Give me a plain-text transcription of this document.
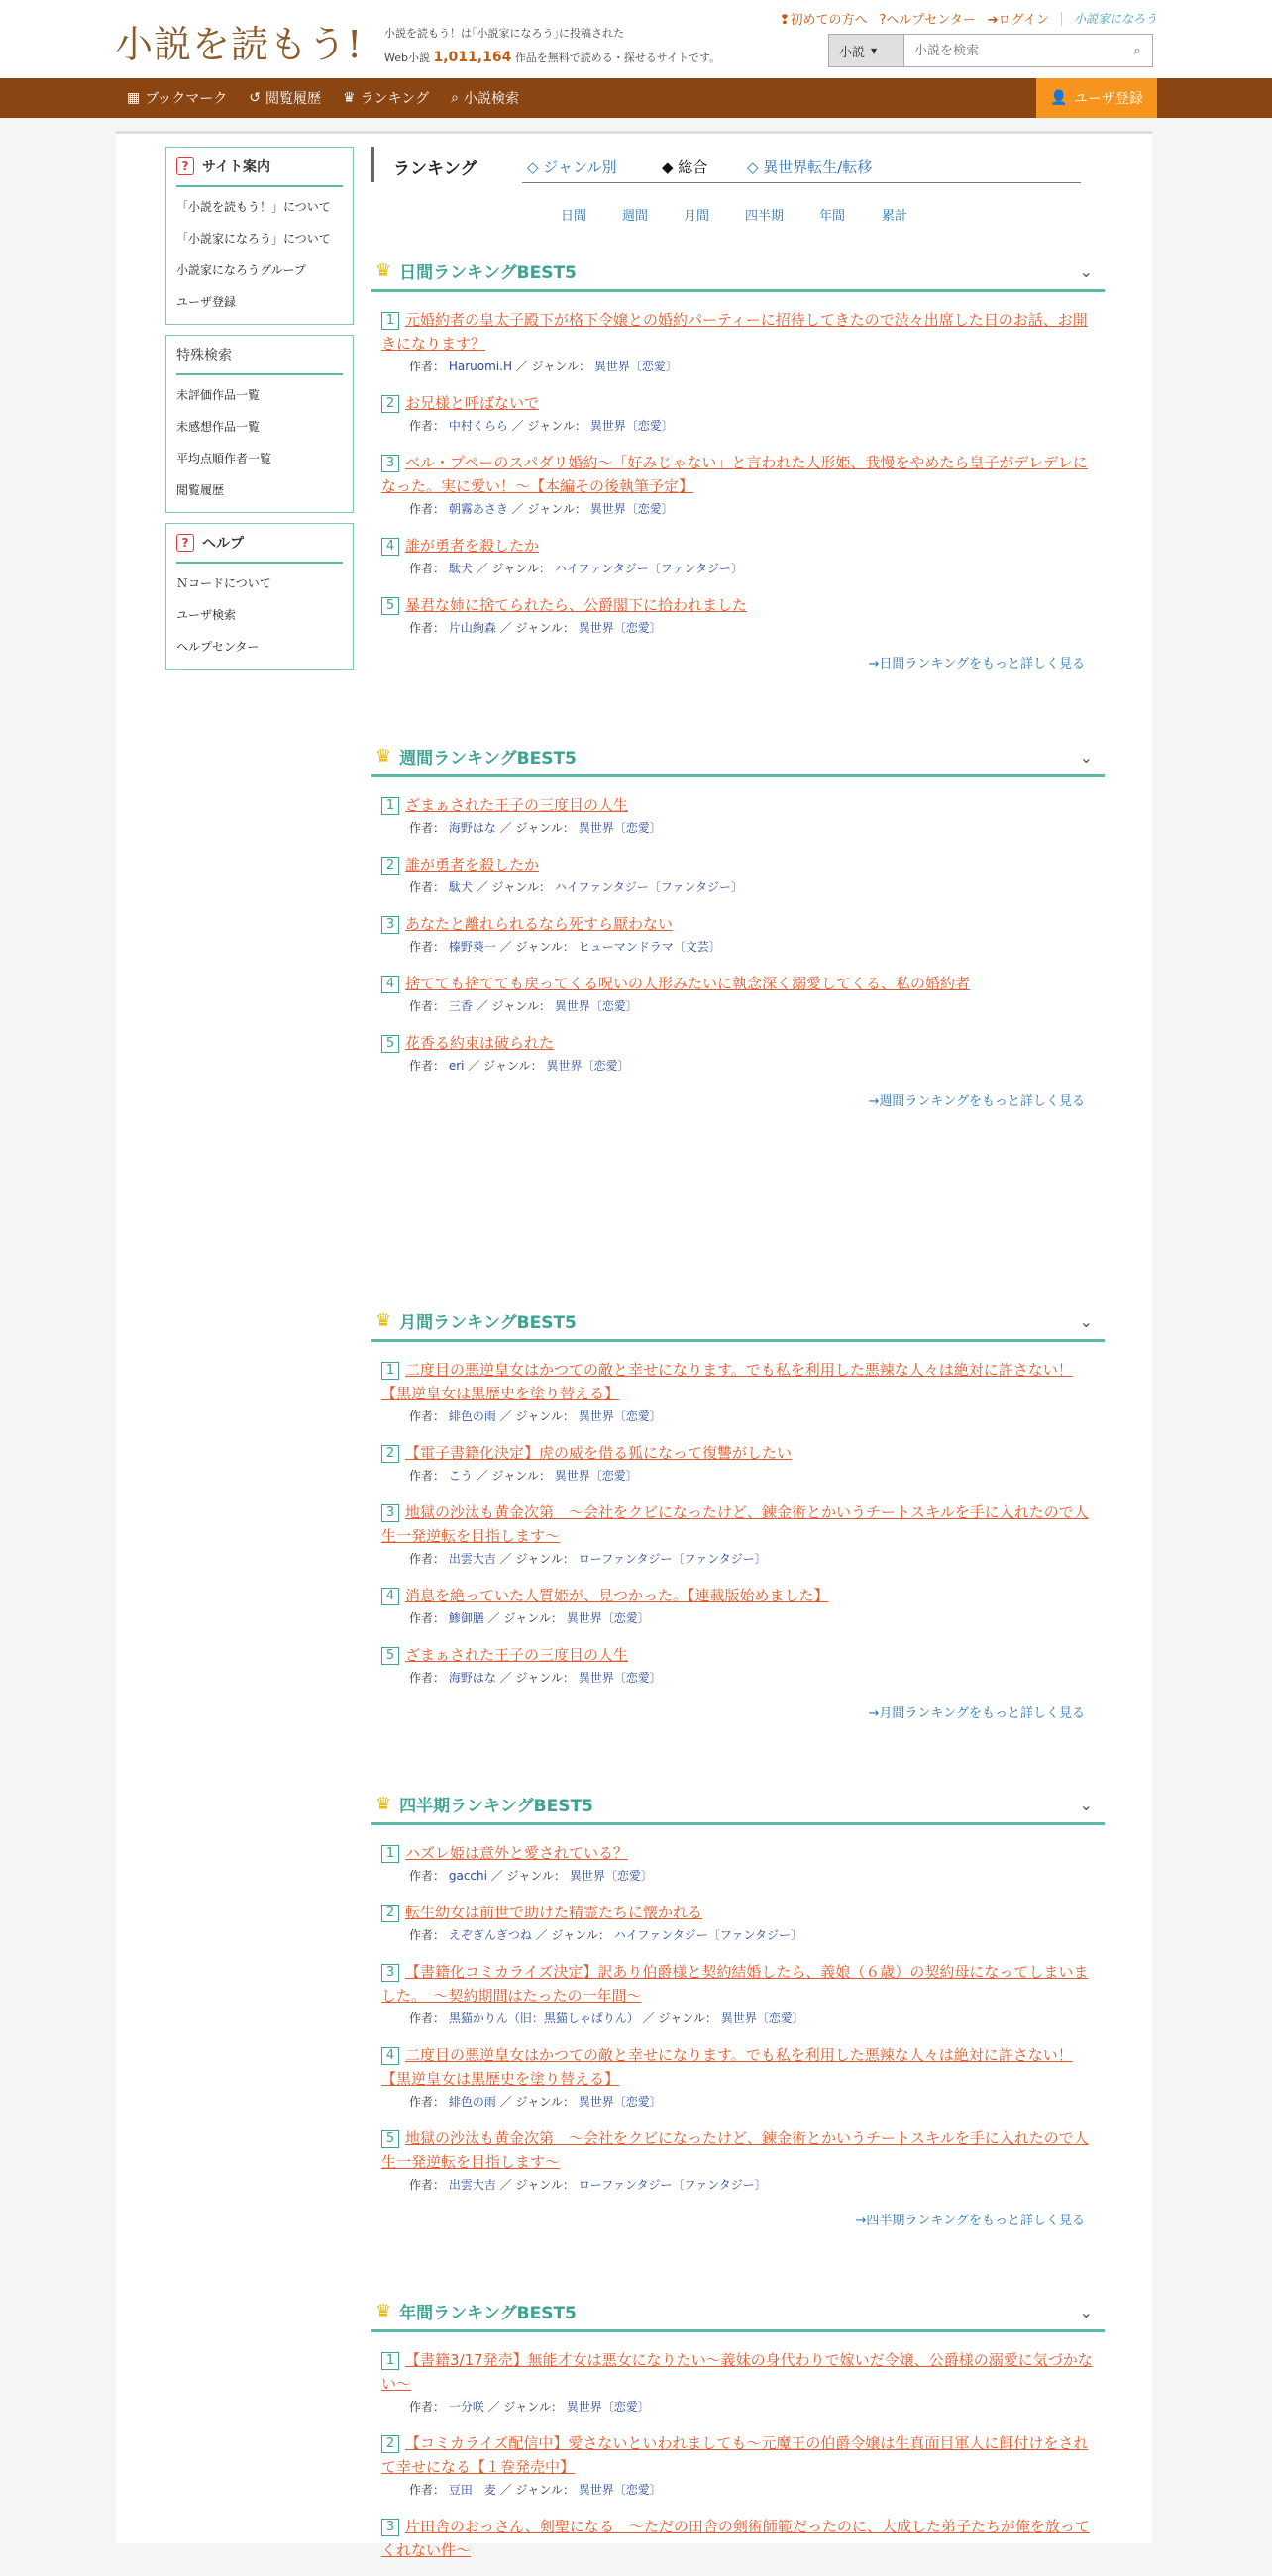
小説を読もう! 小説を読もう！は｢小説家になろう｣に投稿された
Web小説 1,011,164 作品を無料で読める・探せるサイトです。
❢初めての方へ ?ヘルプセンター ➔ログイン 小説家になろう
小説 ▼
小説を検索	⌕
▦ ブックマーク ↺ 閲覧履歴 ♛ ランキング ⌕ 小説検索	👤 ユーザ登録
? サイト案内
「小説を読もう！」について
「小説家になろう」について
小説家になろうグループ
ユーザ登録
特殊検索
未評価作品一覧
未感想作品一覧
平均点順作者一覧
閲覧履歴
? ヘルプ
Ｎコードについて
ユーザ検索
ヘルプセンター
ランキング	◇ ジャンル別	◆ 総合	◇ 異世界転生/転移
日間	週間	月間	四半期	年間	累計
♛ 日間ランキングBEST5	⌄
1 元婚約者の皇太子殿下が格下令嬢との婚約パーティーに招待してきたので渋々出席した日のお話、お開きになります？
作者： Haruomi.H ／ ジャンル： 異世界〔恋愛〕
2 お兄様と呼ばないで
作者： 中村くらら ／ ジャンル： 異世界〔恋愛〕
3 ベル・プペーのスパダリ婚約～「好みじゃない」と言われた人形姫、我慢をやめたら皇子がデレデレになった。実に愛い！～【本編その後執筆予定】
作者： 朝霧あさき ／ ジャンル： 異世界〔恋愛〕
4 誰が勇者を殺したか
作者： 駄犬 ／ ジャンル： ハイファンタジー〔ファンタジー〕
5 暴君な姉に捨てられたら、公爵閣下に拾われました
作者： 片山絢森 ／ ジャンル： 異世界〔恋愛〕
→日間ランキングをもっと詳しく見る
♛ 週間ランキングBEST5	⌄
1 ざまぁされた王子の三度目の人生
作者： 海野はな ／ ジャンル： 異世界〔恋愛〕
2 誰が勇者を殺したか
作者： 駄犬 ／ ジャンル： ハイファンタジー〔ファンタジー〕
3 あなたと離れられるなら死すら厭わない
作者： 榛野葵一 ／ ジャンル： ヒューマンドラマ〔文芸〕
4 捨てても捨てても戻ってくる呪いの人形みたいに執念深く溺愛してくる、私の婚約者
作者： 三香 ／ ジャンル： 異世界〔恋愛〕
5 花香る約束は破られた
作者： eri ／ ジャンル： 異世界〔恋愛〕
→週間ランキングをもっと詳しく見る
♛ 月間ランキングBEST5	⌄
1 二度目の悪逆皇女はかつての敵と幸せになります。でも私を利用した悪辣な人々は絶対に許さない！【黒逆皇女は黒歴史を塗り替える】
作者： 緋色の雨 ／ ジャンル： 異世界〔恋愛〕
2 【電子書籍化決定】虎の威を借る狐になって復讐がしたい
作者： こう ／ ジャンル： 異世界〔恋愛〕
3 地獄の沙汰も黄金次第　～会社をクビになったけど、錬金術とかいうチートスキルを手に入れたので人生一発逆転を目指します～
作者： 出雲大吉 ／ ジャンル： ローファンタジー〔ファンタジー〕
4 消息を絶っていた人質姫が、見つかった。【連載版始めました】
作者： 鯵御膳 ／ ジャンル： 異世界〔恋愛〕
5 ざまぁされた王子の三度目の人生
作者： 海野はな ／ ジャンル： 異世界〔恋愛〕
→月間ランキングをもっと詳しく見る
♛ 四半期ランキングBEST5	⌄
1 ハズレ姫は意外と愛されている？
作者： gacchi ／ ジャンル： 異世界〔恋愛〕
2 転生幼女は前世で助けた精霊たちに懐かれる
作者： えぞぎんぎつね ／ ジャンル： ハイファンタジー〔ファンタジー〕
3 【書籍化コミカライズ決定】訳あり伯爵様と契約結婚したら、義娘（６歳）の契約母になってしまいました。　～契約期間はたったの一年間～
作者： 黒猫かりん（旧：黒猫しゃぱりん） ／ ジャンル： 異世界〔恋愛〕
4 二度目の悪逆皇女はかつての敵と幸せになります。でも私を利用した悪辣な人々は絶対に許さない！【黒逆皇女は黒歴史を塗り替える】
作者： 緋色の雨 ／ ジャンル： 異世界〔恋愛〕
5 地獄の沙汰も黄金次第　～会社をクビになったけど、錬金術とかいうチートスキルを手に入れたので人生一発逆転を目指します～
作者： 出雲大吉 ／ ジャンル： ローファンタジー〔ファンタジー〕
→四半期ランキングをもっと詳しく見る
♛ 年間ランキングBEST5	⌄
1 【書籍3/17発売】無能才女は悪女になりたい～義妹の身代わりで嫁いだ令嬢、公爵様の溺愛に気づかない～
作者： 一分咲 ／ ジャンル： 異世界〔恋愛〕
2 【コミカライズ配信中】愛さないといわれましても～元魔王の伯爵令嬢は生真面目軍人に餌付けをされて幸せになる【１巻発売中】
作者： 豆田　麦 ／ ジャンル： 異世界〔恋愛〕
3 片田舎のおっさん、剣聖になる　～ただの田舎の剣術師範だったのに、大成した弟子たちが俺を放ってくれない件～
